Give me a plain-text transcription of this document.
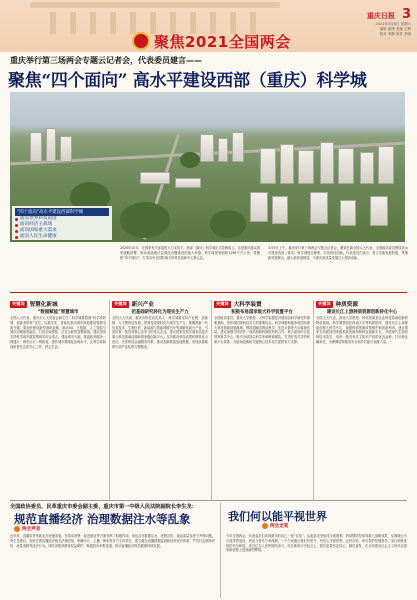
聚焦2021全国两会
重庆日报 3
2021年3月6日 星期六
编辑 唐博 美编 王辉
校对 李静 制作 李丽
重庆举行第三场两会专题云记者会，代表委员建言——
聚焦“四个面向” 高水平建设西部（重庆）科学城
“四个面向”高水平建设西部科学城
面向世界科技前沿
面向经济主战场
面向国家重大需求
面向人民生命健康
2020年10月，在国家有关部委的大力支持下，西部（重庆）科学城正式挂牌成立。这是重庆落实国家战略部署、推动成渝地区双城经济圈建设的重大举措。科学城规划面积1198平方公里，将聚焦“四个面向”，打造具有全国影响力的科技创新中心核心区。
3月5日上午，重庆举行第三场两会专题云记者会，邀请在渝全国人大代表、全国政协委员围绕高水平建设西部（重庆）科学城建言献策，共话科技创新。代表委员们表示，将立足新发展阶段，贯彻新发展理念，融入新发展格局，为重庆高质量发展注入强劲动能。
关键词 智慧化新城
“数据赋能”智慧城市
全国人大代表、重庆市人大常委会副主任：科学城要按照“科学家的城、创新者的家”定位，以数字化、智能化推动城市规划建设管理全面升级。要加快建设新型基础设施，推动5G、大数据、人工智能与城市治理深度融合，打造全域感知、泛在互联的智慧新城。建议国家支持科学城开展智慧城市综合试点，建设城市大脑，推进政务服务一网通办、城市运行一网统管，提升城市精细化治理水平，让科学家和创新者在这里安心工作、舒心生活。
关键词 新兴产业
把基础研究转化为现实生产力
全国人大代表、重庆市科技局负责人：科学城要坚持产业链、创新链、人才链协同发展，把科技成果转化为现实生产力。要聚焦新一代信息技术、生物医药、新能源与智能网联汽车等战略性新兴产业，引进培育一批具有核心竞争力的龙头企业。建议国家在科学城布局更多重大科技基础设施和国家级创新平台，支持建设科技成果转移转化示范区，完善科技金融服务体系，推动创新要素加速集聚，形成从基础研究到产业化的完整链条。
关键词 大科学装置
积极布局国家级大科学装置平台
全国政协委员、重庆大学教授：大科学装置是开展前沿科学研究的重要基础，是体现国家科技实力的重要标志。科学城要积极争取国家重大科技基础设施落地，围绕超瞬态物质科学、先进计算等方向谋划布局。建议加强与国内外一流高校和科研院所的合作，联合建设综合性国家科学中心，吸引全球顶尖科学家和科研团队，打造开放共享的科研平台体系，为原始创新和关键核心技术攻关提供有力支撑。
关键词 种质资源
建设长江上游种质资源创新转化中心
全国人大代表、西南大学教授：种质资源是农业科技原始创新的物质基础。科学城要依托西南大学等科研院所，建设长江上游种质创制大科学中心，加强种质资源收集保护和创新利用。建议国家支持建设国家级种质资源库和种业创新平台，开展现代生物育种技术攻关，培育一批具有自主知识产权的优良品种，打好种业翻身仗，为保障国家粮食安全和乡村振兴贡献力量。
全国政协委员、民革重庆市委会副主委、重庆市第一中级人民法院副院长李生龙：
规范直播经济 治理数据注水等乱象
两会声音
近年来，直播带货等新业态快速发展，在带动消费、促进就业等方面发挥了积极作用，但也存在数据注水、虚假宣传、商品质量参差不齐等问题。李生龙建议，加快完善直播经济相关法律法规，明确平台、主播、商家等各方主体责任，建立健全直播数据监测和信用评价体系，严厉打击刷单炒信、流量造假等违法行为。同时加强消费者权益保护，畅通投诉举报渠道，推动直播经济规范健康持续发展。
我们何以能平视世界
两会走笔
今年全国两会，代表委员们谈到最多的词之一是“自信”。从脱贫攻坚取得全面胜利，到疫情防控取得重大战略成果，从嫦娥五号月球采样返回，到奋斗者号万米深潜，一个个成就让我们有底气、有信心平视世界。这份自信，来自党的坚强领导，来自制度优势的充分彰显，来自亿万人民的团结奋斗。站在新的历史起点上，我们更要坚定信心，踔厉奋发，在全面建设社会主义现代化国家新征程上创造新的辉煌。
